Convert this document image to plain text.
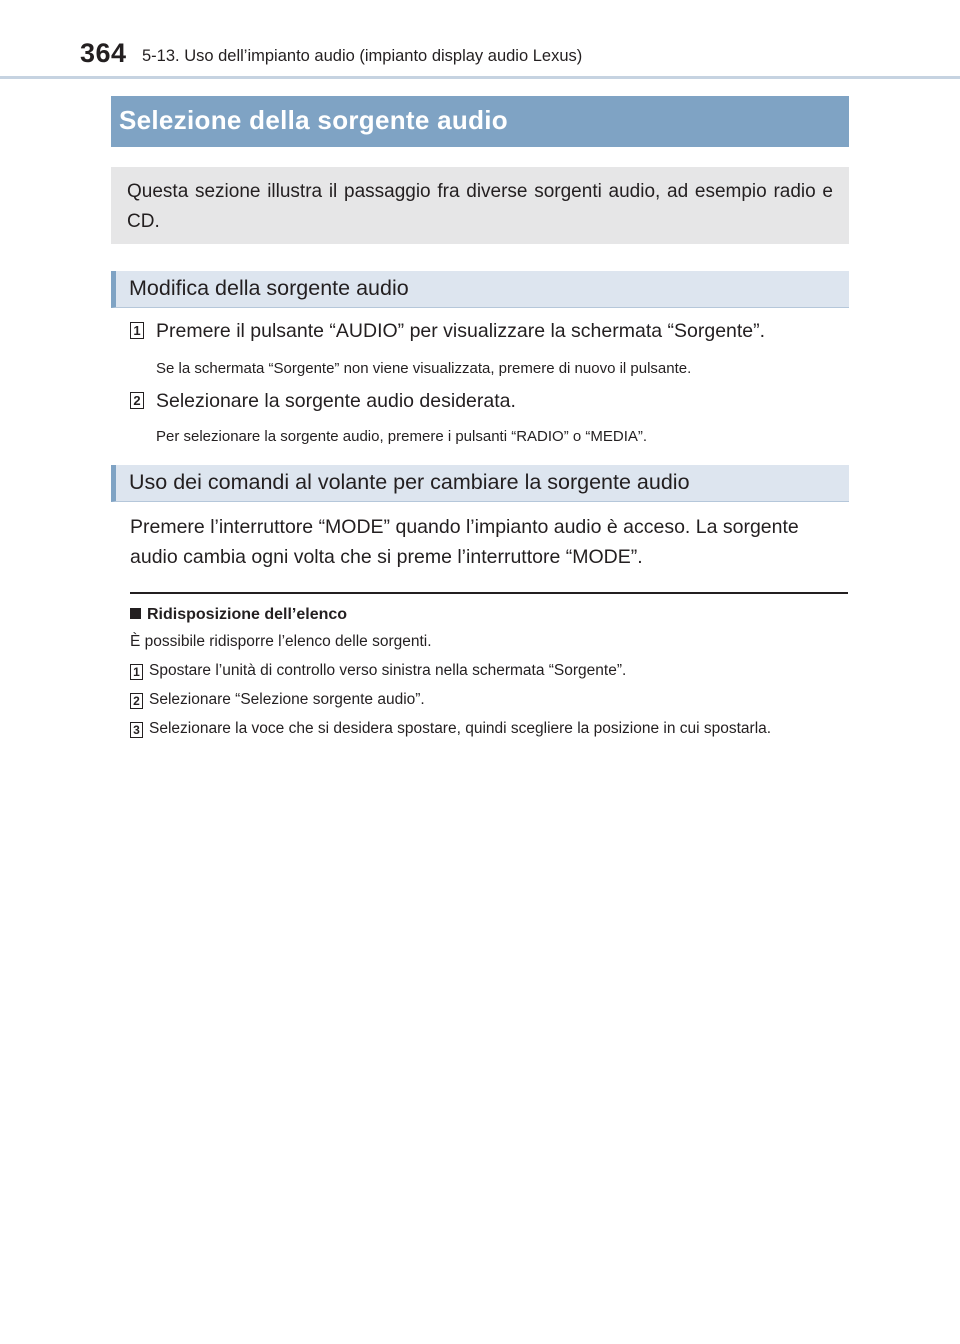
364 5-13. Uso dell’impianto audio (impianto display audio Lexus)
Selezione della sorgente audio

Questa sezione illustra il passaggio fra diverse sorgenti audio, ad esempio radio e CD.

Modifica della sorgente audio
1 Premere il pulsante “AUDIO” per visualizzare la schermata “Sorgente”.
Se la schermata “Sorgente” non viene visualizzata, premere di nuovo il pulsante.
2 Selezionare la sorgente audio desiderata.
Per selezionare la sorgente audio, premere i pulsanti “RADIO” o “MEDIA”.
Uso dei comandi al volante per cambiare la sorgente audio

Premere l’interruttore “MODE” quando l’impianto audio è acceso. La sorgente audio cambia ogni volta che si preme l’interruttore “MODE”.

Ridisposizione dell’elenco
È possibile ridisporre l’elenco delle sorgenti.
1 Spostare l’unità di controllo verso sinistra nella schermata “Sorgente”.
2 Selezionare “Selezione sorgente audio”.
3 Selezionare la voce che si desidera spostare, quindi scegliere la posizione in cui spostarla.
